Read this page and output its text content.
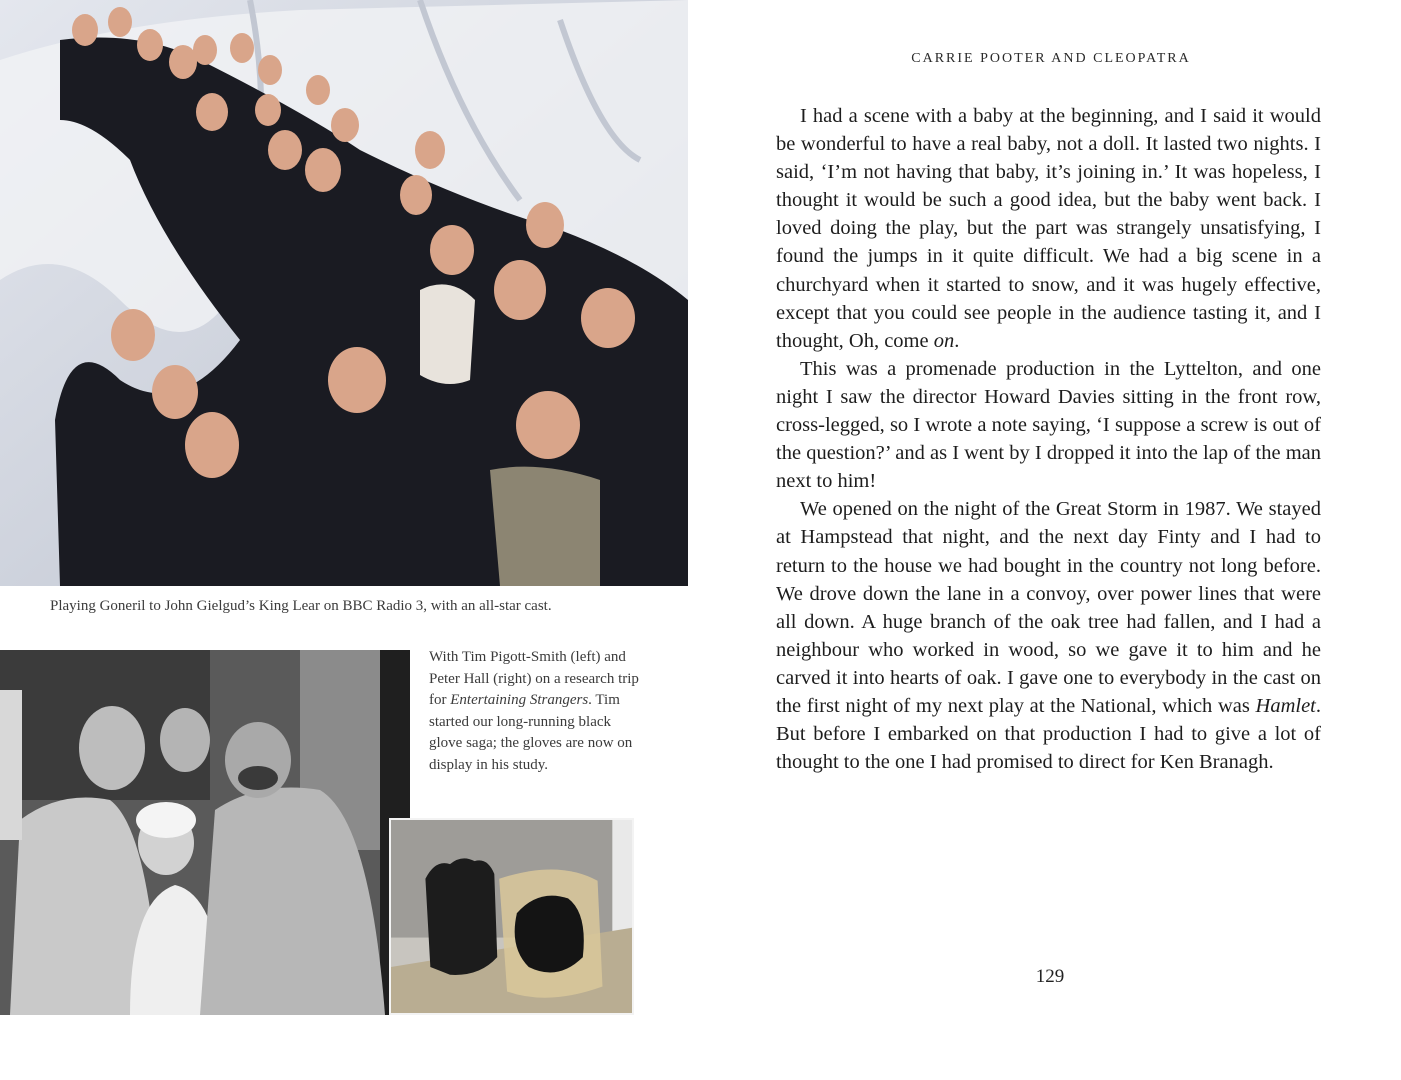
Playing Goneril to John Gielgud’s King Lear on BBC Radio 3, with an all-star cast.

With Tim Pigott-Smith (left) and Peter Hall (right) on a research trip for Entertaining Strangers. Tim started our long-running black glove saga; the gloves are now on display in his study.

CARRIE POOTER AND CLEOPATRA

I had a scene with a baby at the beginning, and I said it would be wonderful to have a real baby, not a doll. It lasted two nights. I said, ‘I’m not having that baby, it’s joining in.’ It was hopeless, I thought it would be such a good idea, but the baby went back. I loved doing the play, but the part was strangely unsatisfying, I found the jumps in it quite difficult. We had a big scene in a churchyard when it started to snow, and it was hugely effective, except that you could see people in the audience tasting it, and I thought, Oh, come on.

This was a promenade production in the Lyttelton, and one night I saw the director Howard Davies sitting in the front row, cross-legged, so I wrote a note saying, ‘I suppose a screw is out of the question?’ and as I went by I dropped it into the lap of the man next to him!

We opened on the night of the Great Storm in 1987. We stayed at Hampstead that night, and the next day Finty and I had to return to the house we had bought in the country not long before. We drove down the lane in a convoy, over power lines that were all down. A huge branch of the oak tree had fallen, and I had a neighbour who worked in wood, so we gave it to him and he carved it into hearts of oak. I gave one to everybody in the cast on the first night of my next play at the National, which was Hamlet. But before I embarked on that production I had to give a lot of thought to the one I had promised to direct for Ken Branagh.

129
